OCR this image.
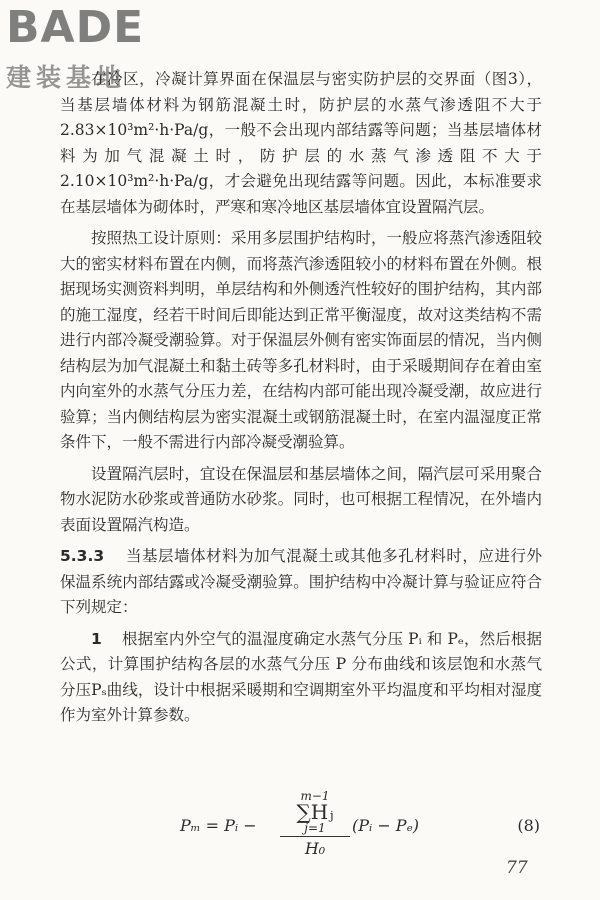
BADE
建装基地

在冷区，冷凝计算界面在保温层与密实防护层的交界面（图3），当基层墙体材料为钢筋混凝土时，防护层的水蒸气渗透阻不大于2.83×10³m²·h·Pa/g，一般不会出现内部结露等问题；当基层墙体材料为加气混凝土时，防护层的水蒸气渗透阻不大于2.10×10³m²·h·Pa/g，才会避免出现结露等问题。因此，本标准要求在基层墙体为砌体时，严寒和寒冷地区基层墙体宜设置隔汽层。

按照热工设计原则：采用多层围护结构时，一般应将蒸汽渗透阻较大的密实材料布置在内侧，而将蒸汽渗透阻较小的材料布置在外侧。根据现场实测资料判明，单层结构和外侧透汽性较好的围护结构，其内部的施工湿度，经若干时间后即能达到正常平衡湿度，故对这类结构不需进行内部冷凝受潮验算。对于保温层外侧有密实饰面层的情况，当内侧结构层为加气混凝土和黏土砖等多孔材料时，由于采暖期间存在着由室内向室外的水蒸气分压力差，在结构内部可能出现冷凝受潮，故应进行验算；当内侧结构层为密实混凝土或钢筋混凝土时，在室内温湿度正常条件下，一般不需进行内部冷凝受潮验算。

设置隔汽层时，宜设在保温层和基层墙体之间，隔汽层可采用聚合物水泥防水砂浆或普通防水砂浆。同时，也可根据工程情况，在外墙内表面设置隔汽构造。

5.3.3 当基层墙体材料为加气混凝土或其他多孔材料时，应进行外保温系统内部结露或冷凝受潮验算。围护结构中冷凝计算与验证应符合下列规定：

1 根据室内外空气的温湿度确定水蒸气分压 Pᵢ 和 Pₑ，然后根据公式，计算围护结构各层的水蒸气分压 P 分布曲线和该层饱和水蒸气分压Pₛ曲线，设计中根据采暖期和空调期室外平均温度和平均相对湿度作为室外计算参数。

Pₘ = Pᵢ −
m−1
∑Hⱼ
j=1
H₀
(Pᵢ − Pₑ)	(8)
77
